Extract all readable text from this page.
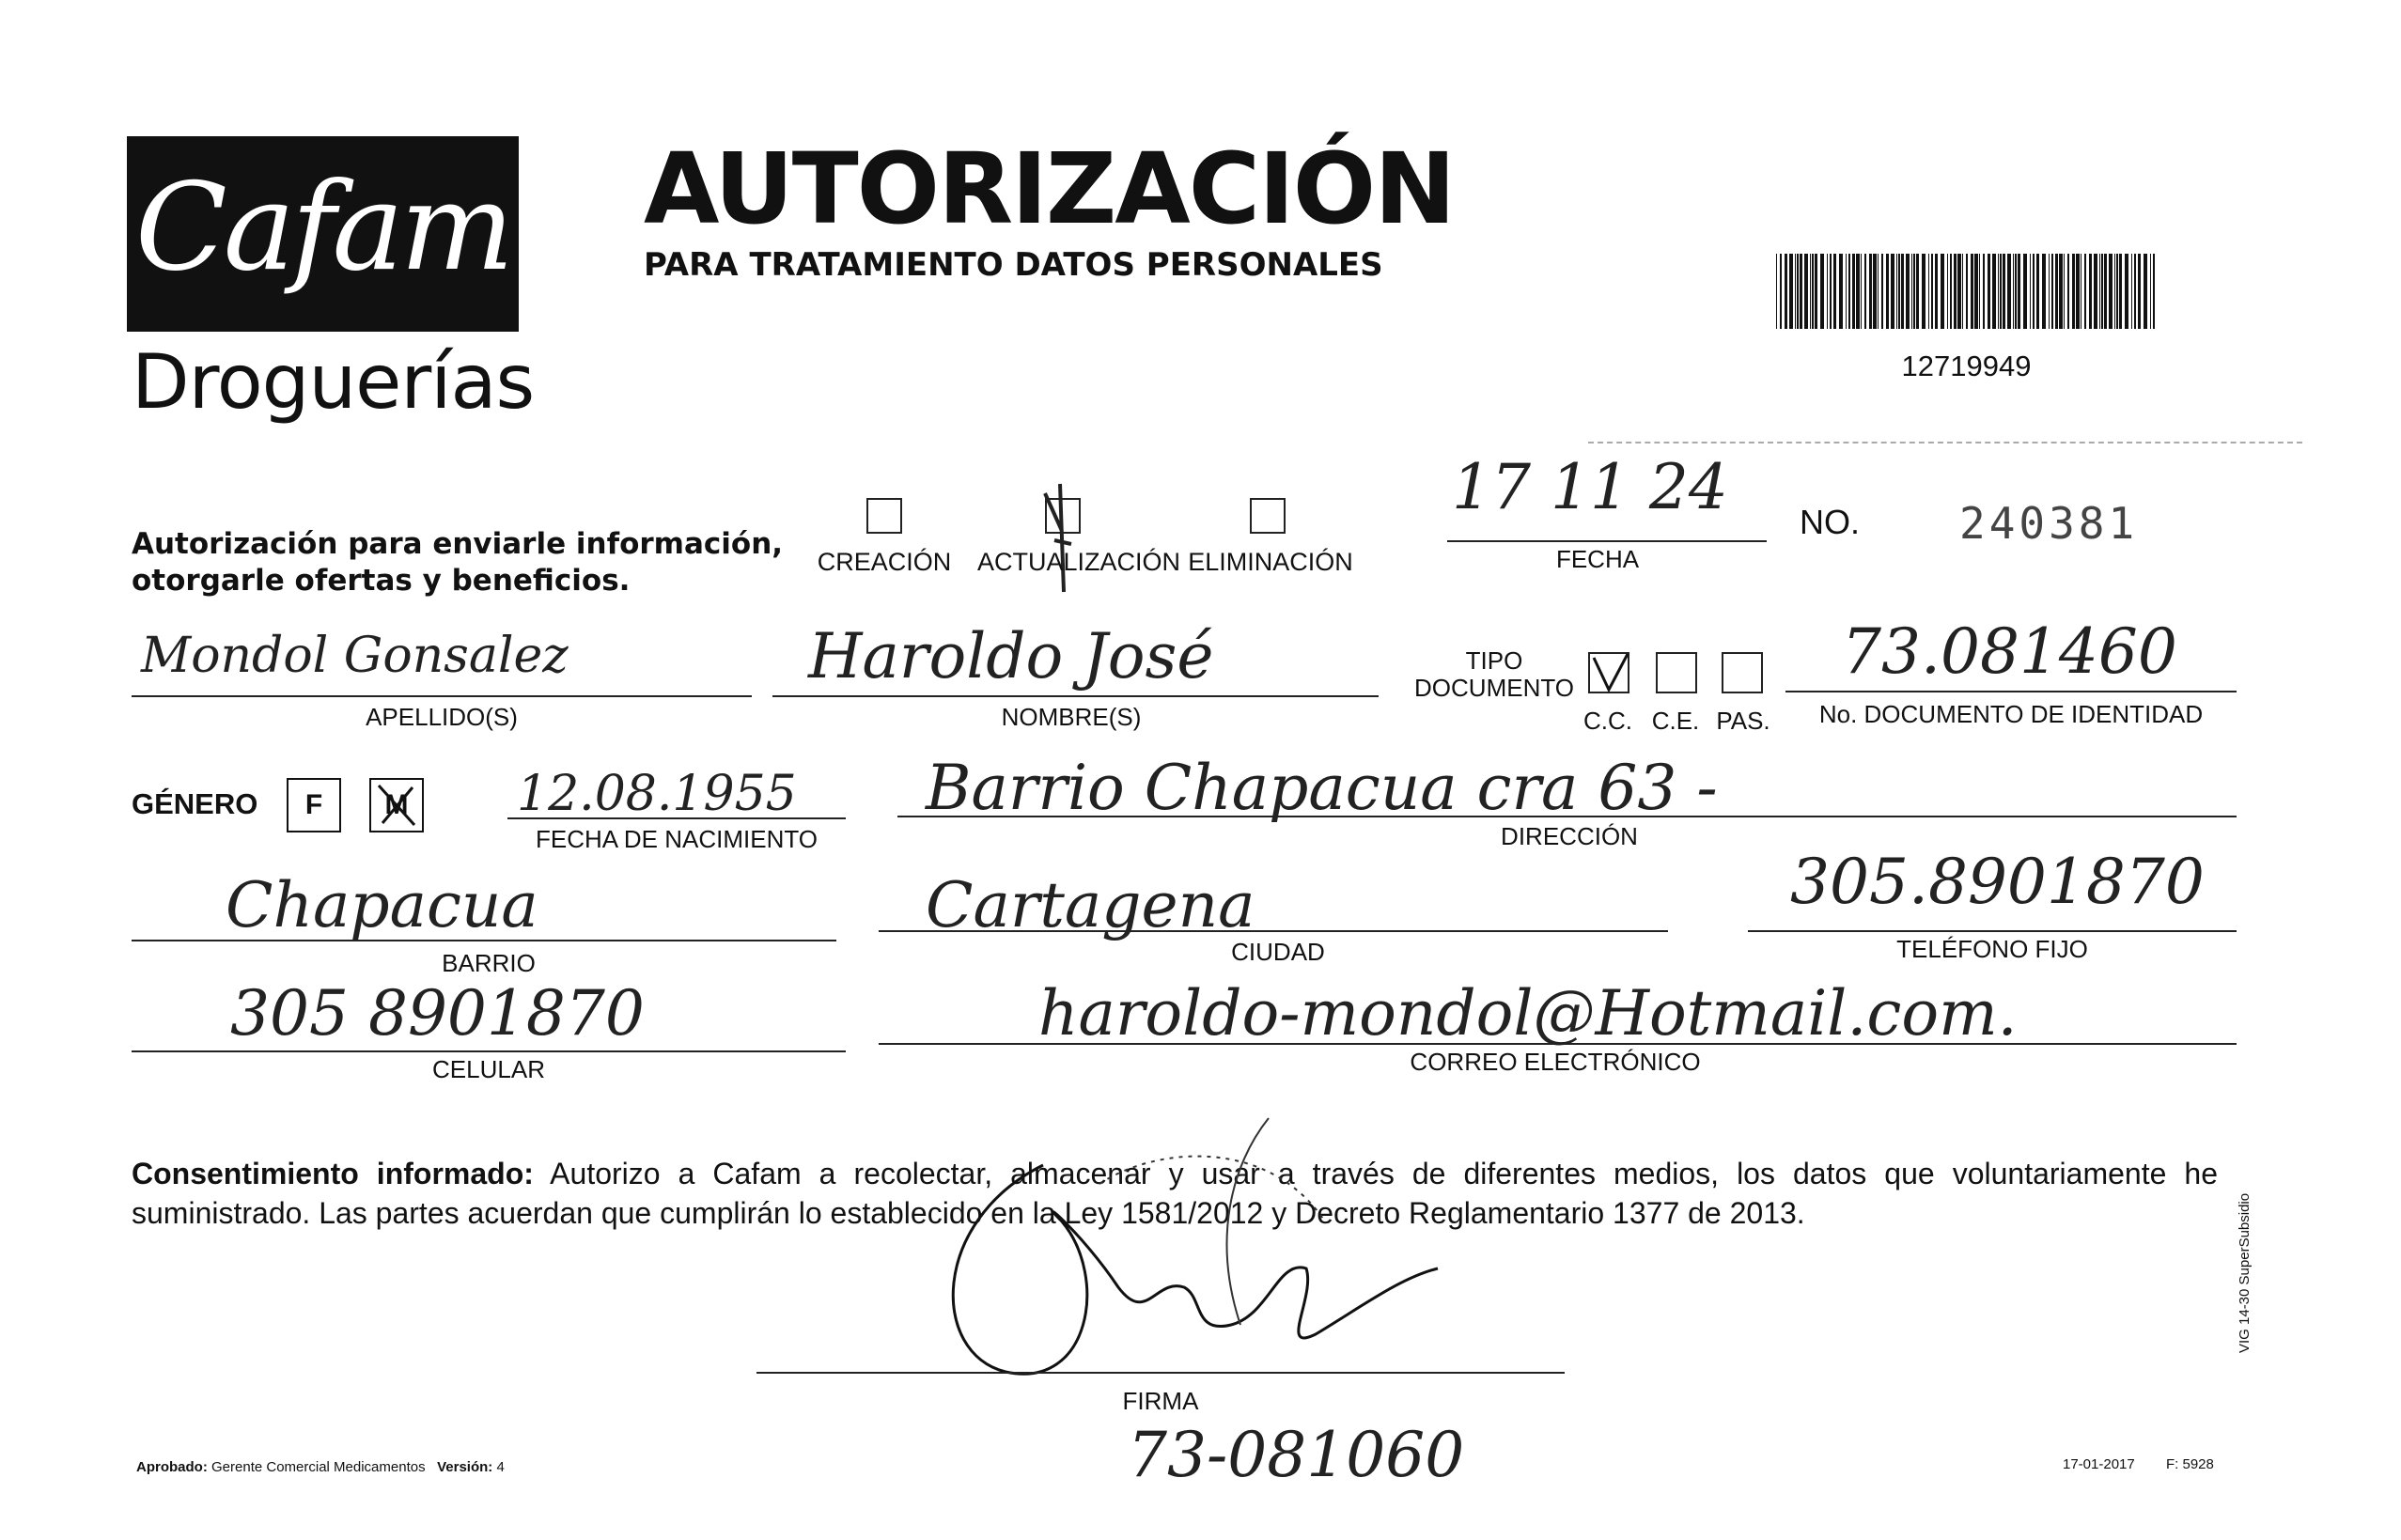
Cafam
Droguerías
AUTORIZACIÓN
PARA TRATAMIENTO DATOS PERSONALES
12719949
Autorización para enviarle información,
otorgarle ofertas y beneficios.
CREACIÓN	ACTUALIZACIÓN ELIMINACIÓN
17 11 24
FECHA
NO. 240381
Mondol Gonsalez
APELLIDO(S)
Haroldo José
NOMBRE(S)
TIPO
DOCUMENTO
C.C. C.E. PAS.
73.081460
No. DOCUMENTO DE IDENTIDAD
GÉNERO	F	M	12.08.1955
FECHA DE NACIMIENTO
Barrio Chapacua cra 63 -
DIRECCIÓN
Chapacua
BARRIO
Cartagena
CIUDAD
305.8901870
TELÉFONO FIJO
305 8901870
CELULAR
haroldo-mondol@Hotmail.com.
CORREO ELECTRÓNICO
Consentimiento informado: Autorizo a Cafam a recolectar, almacenar y usar a través de diferentes medios, los datos que voluntariamente he suministrado. Las partes acuerdan que cumplirán lo establecido en la Ley 1581/2012 y Decreto Reglamentario 1377 de 2013.
FIRMA
73-081060
Aprobado: Gerente Comercial Medicamentos Versión: 4	17-01-2017 F: 5928
VIG 14-30 SuperSubsidio
